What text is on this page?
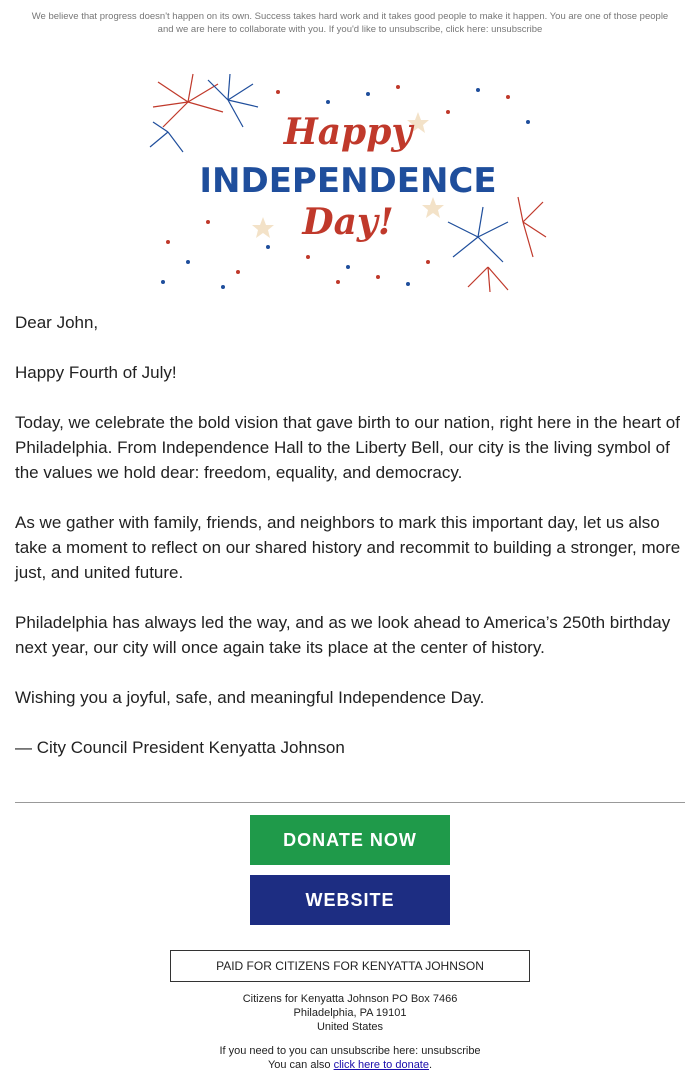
We believe that progress doesn't happen on its own. Success takes hard work and it takes good people to make it happen. You are one of those people and we are here to collaborate with you. If you'd like to unsubscribe, click here: unsubscribe
Happy
INDEPENDENCE
Day!

Dear John,

Happy Fourth of July!

Today, we celebrate the bold vision that gave birth to our nation, right here in the heart of Philadelphia. From Independence Hall to the Liberty Bell, our city is the living symbol of the values we hold dear: freedom, equality, and democracy.

As we gather with family, friends, and neighbors to mark this important day, let us also take a moment to reflect on our shared history and recommit to building a stronger, more just, and united future.

Philadelphia has always led the way, and as we look ahead to America’s 250th birthday next year, our city will once again take its place at the center of history.

Wishing you a joyful, safe, and meaningful Independence Day.

— City Council President Kenyatta Johnson

DONATE NOW
WEBSITE
PAID FOR CITIZENS FOR KENYATTA JOHNSON
Citizens for Kenyatta Johnson PO Box 7466
Philadelphia, PA 19101
United States
If you need to you can unsubscribe here: unsubscribe
You can also click here to donate.
